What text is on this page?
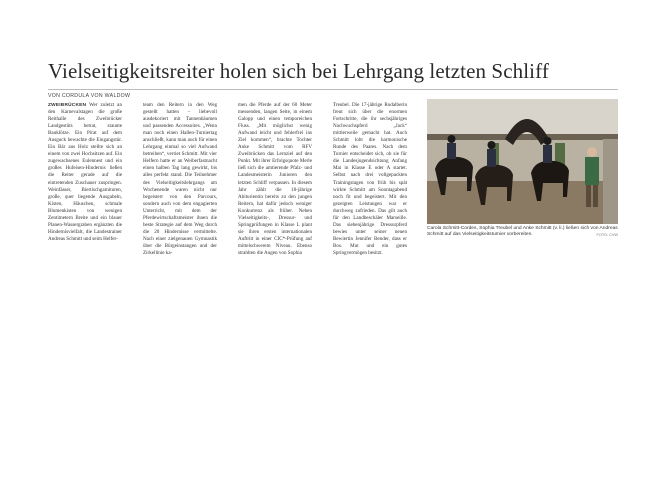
Vielseitigkeitsreiter holen sich bei Lehrgang letzten Schliff
VON CORDULA VON WALDOW

ZWEIBRÜCKEN Wer zuletzt an den Karnevalstagen die große Reithalle des Zweibrücker Landgestüts betrat, staunte Bauklötze. Ein Pirat auf dem Ausguck bewachte die Eingangstür. Ein Bär aus Holz stellte sich an einem von zwei Hochsitzen auf. Ein zugewachsenes Eulennest und ein großes Hufeisen-Hindernis ließen die Reiter gerade auf die eintretenden Zuschauer zuspringen. Weinfässer, Biertischgarnituren, große, quer liegende Ausgabeln, Kisten, Häuschen, schmale Blumenkisten von wenigen Zentimetern Breite und ein blauer Planen-Wassergraben ergänzten die Hindernisvielfalt, die Landestrainer Andreas Schmitt und seim Helfer-

team den Reitern in den Weg gestellt hatten – liebevoll ausdekoriert mit Tannenbäumen und passenden Accessoires. „Wenn man noch einen Hallen-Turniertag anschließt, kann man auch für einen Lehrgang einmal so viel Aufwand betreiben“, verriet Schmitt. Mit vier Helfern hatte er an Weiberfastnacht einen halben Tag lang gewirkt, bis alles perfekt stand. Die Teilnehmer des Vielseitigkeitslehrgangs am Wochenende waren nicht nur begeistert von den Parcours, sondern auch von dem engagierten Unterricht, mit dem der Pferdewirtschaftsmeister ihnen die beste Strategie auf dem Weg durch die 20 Hindernisse vermittelte. Nach einer zielgenauen Gymnastik über die Bürgeinstangen und der Zirkellinie ka-

men die Pferde auf der 60 Meter messenden, langen Seite, in einem Galopp und einen temporeichen Fluss. „Mit möglichst wenig Aufwand leicht und fehlerfrei ins Ziel kommen“, brachte Tochter Anke Schmitt vom RFV Zweibrücken das Lernziel auf den Punkt. Mit ihrer Erfolgsquote Merle ließ sich die amtierende Pfalz- und Landesmeisterin Junioren den letzten Schliff verpassen. In diesem Jahr zählt die 18-jährige Abiturientin bereits zu den jungen Reitern, hat dafür jedoch weniger Konkurrenz als früher. Neben Vielseitigkeits-, Dressur- und Springprüfungen in Klasse L plant sie ihren ersten internationalen Auftritt in einer CIC*-Prüfung auf mittelschwerem Niveau. Ebenso strahlten die Augen von Sophia

Treubel. Die 17-jährige Rodalberin freut sich über die enormen Fortschritte, die ihr sechsjähriges Nachwuchspferd „Jack“ mittlerweile gemacht hat. Auch Schmitt lobt die harmonische Runde des Paares. Nach dem Turnier entscheidet sich, ob sie für die Landesjugendsichtung Anfang Mai in Klasse E oder A startet. Selbst nach drei vollgepackten Trainingstagen von früh bis spät wirkte Schmitt am Sonntagabend noch fit und begeistert. Mit den gezeigten Leistungen war er durchweg zufrieden. Das gilt auch für den Landbeschäler Marseille. Das siebenjährige Dressurpferd bewies unter seiner neuen Bewiertin Jennifer Bender, dass er Bos. Mut und ein gutes Springvermögen besitzt.

Carola Schmitt-Cordes, Sophia Treubel und Anke Schmitt (v. li.) ließen sich von Andreas Schmitt auf das Vielseitigkeitsturnier vorbereiten.	FOTO: CVW
